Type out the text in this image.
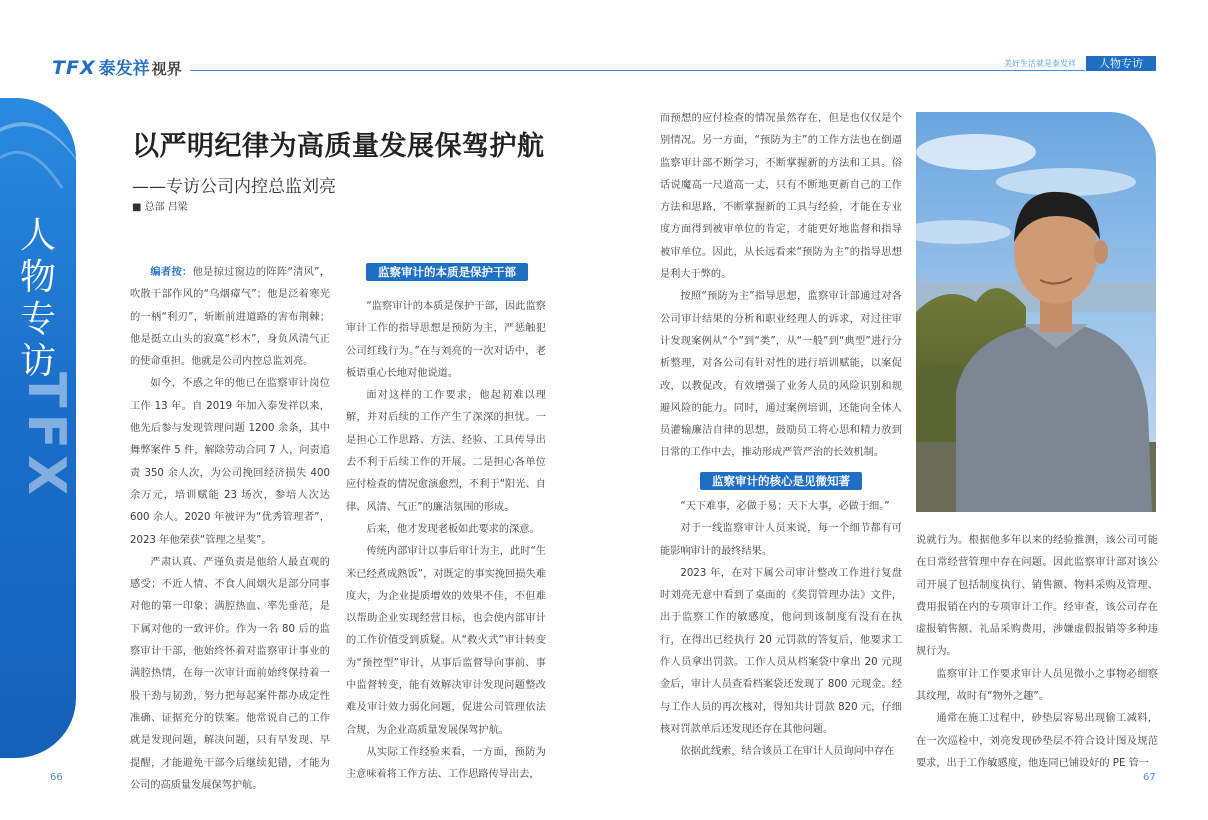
TFX 泰发祥 视界	美好生活就是泰发祥	人物专访
人物专访
TFX
以严明纪律为高质量发展保驾护航
——专访公司内控总监刘亮
■ 总部 吕梁

编者按：他是掠过窗边的阵阵“清风”，吹散干部作风的“乌烟瘴气”；他是泛着寒光的一柄“利刃”，斩断前进道路的害布荆棘；他是挺立山头的寂寞“杉木”，身负风清气正的使命重担。他就是公司内控总监刘亮。

如今，不惑之年的他已在监察审计岗位工作 13 年。自 2019 年加入泰发祥以来，他先后参与发现管理问题 1200 余条，其中舞弊案件 5 件，解除劳动合同 7 人，问责追责 350 余人次，为公司挽回经济损失 400 余万元，培训赋能 23 场次，参培人次达 600 余人。2020 年被评为“优秀管理者”，2023 年他荣获“管理之星奖”。

严肃认真、严谨负责是他给人最直观的感受；不近人情、不食人间烟火是部分同事对他的第一印象；满腔热血、率先垂范，是下属对他的一致评价。作为一名 80 后的监察审计干部，他始终怀着对监察审计事业的满腔热情，在每一次审计面前始终保持着一股干劲与韧劲，努力把每起案件都办成定性准确、证据充分的铁案。他常说自己的工作就是发现问题，解决问题，只有早发现、早提醒，才能避免干部今后继续犯错，才能为公司的高质量发展保驾护航。

监察审计的本质是保护干部

“监察审计的本质是保护干部，因此监察审计工作的指导思想是预防为主，严惩触犯公司红线行为。”在与刘亮的一次对话中，老板语重心长地对他说道。

面对这样的工作要求，他起初难以理解，并对后续的工作产生了深深的担忧。一是担心工作思路、方法、经验、工具传导出去不利于后续工作的开展。二是担心各单位应付检查的情况愈演愈烈，不利于“阳光、自律、风清、气正”的廉洁氛围的形成。

后来，他才发现老板如此要求的深意。

传统内部审计以事后审计为主，此时“生米已经煮成熟饭”，对既定的事实挽回损失难度大，为企业提质增效的效果不佳，不但难以帮助企业实现经营目标，也会使内部审计的工作价值受到质疑。从“救火式”审计转变为“预控型”审计，从事后监督导向事前、事中监督转变，能有效解决审计发现问题整改难及审计效力弱化问题，促进公司管理依法合规，为企业高质量发展保驾护航。

从实际工作经验来看，一方面，预防为主意味着将工作方法、工作思路传导出去，

而预想的应付检查的情况虽然存在，但是也仅仅是个别情况。另一方面，“预防为主”的工作方法也在倒逼监察审计部不断学习，不断掌握新的方法和工具。俗话说魔高一尺道高一丈，只有不断地更新自己的工作方法和思路，不断掌握新的工具与经验，才能在专业度方面得到被审单位的肯定，才能更好地监督和指导被审单位。因此，从长远看来“预防为主”的指导思想是利大于弊的。

按照“预防为主”指导思想，监察审计部通过对各公司审计结果的分析和职业经理人的诉求，对过往审计发现案例从“个”到“类”，从“一般”到“典型”进行分析整理，对各公司有针对性的进行培训赋能，以案促改，以教促改，有效增强了业务人员的风险识别和规避风险的能力。同时，通过案例培训，还能向全体人员灌输廉洁自律的思想，鼓励员工将心思和精力放到日常的工作中去，推动形成严管严治的长效机制。

监察审计的核心是见微知著

“天下难事，必做于易；天下大事，必做于细。”

对于一线监察审计人员来说，每一个细节都有可能影响审计的最终结果。

2023 年，在对下属公司审计整改工作进行复盘时刘亮无意中看到了桌面的《奖罚管理办法》文件，出于监察工作的敏感度，他问到该制度有没有在执行，在得出已经执行 20 元罚款的答复后，他要求工作人员拿出罚款。工作人员从档案袋中拿出 20 元现金后，审计人员查看档案袋还发现了 800 元现金。经与工作人员的再次核对，得知共计罚款 820 元，仔细核对罚款单后还发现还存在其他问题。

依据此线索，结合该员工在审计人员询问中存在

说就行为。根据他多年以来的经验推测，该公司可能在日常经营管理中存在问题。因此监察审计部对该公司开展了包括制度执行、销售额、物料采购及管理、费用报销在内的专项审计工作。经审查，该公司存在虚报销售额、礼品采购费用，涉嫌虚假报销等多种违规行为。

监察审计工作要求审计人员见微小之事物必细察其纹理，故时有“物外之趣”。

通常在施工过程中，砂垫层容易出现偷工减料，在一次巡检中，刘亮发现砂垫层不符合设计图及规范要求，出于工作敏感度，他连同已铺设好的 PE 管一

66	67
